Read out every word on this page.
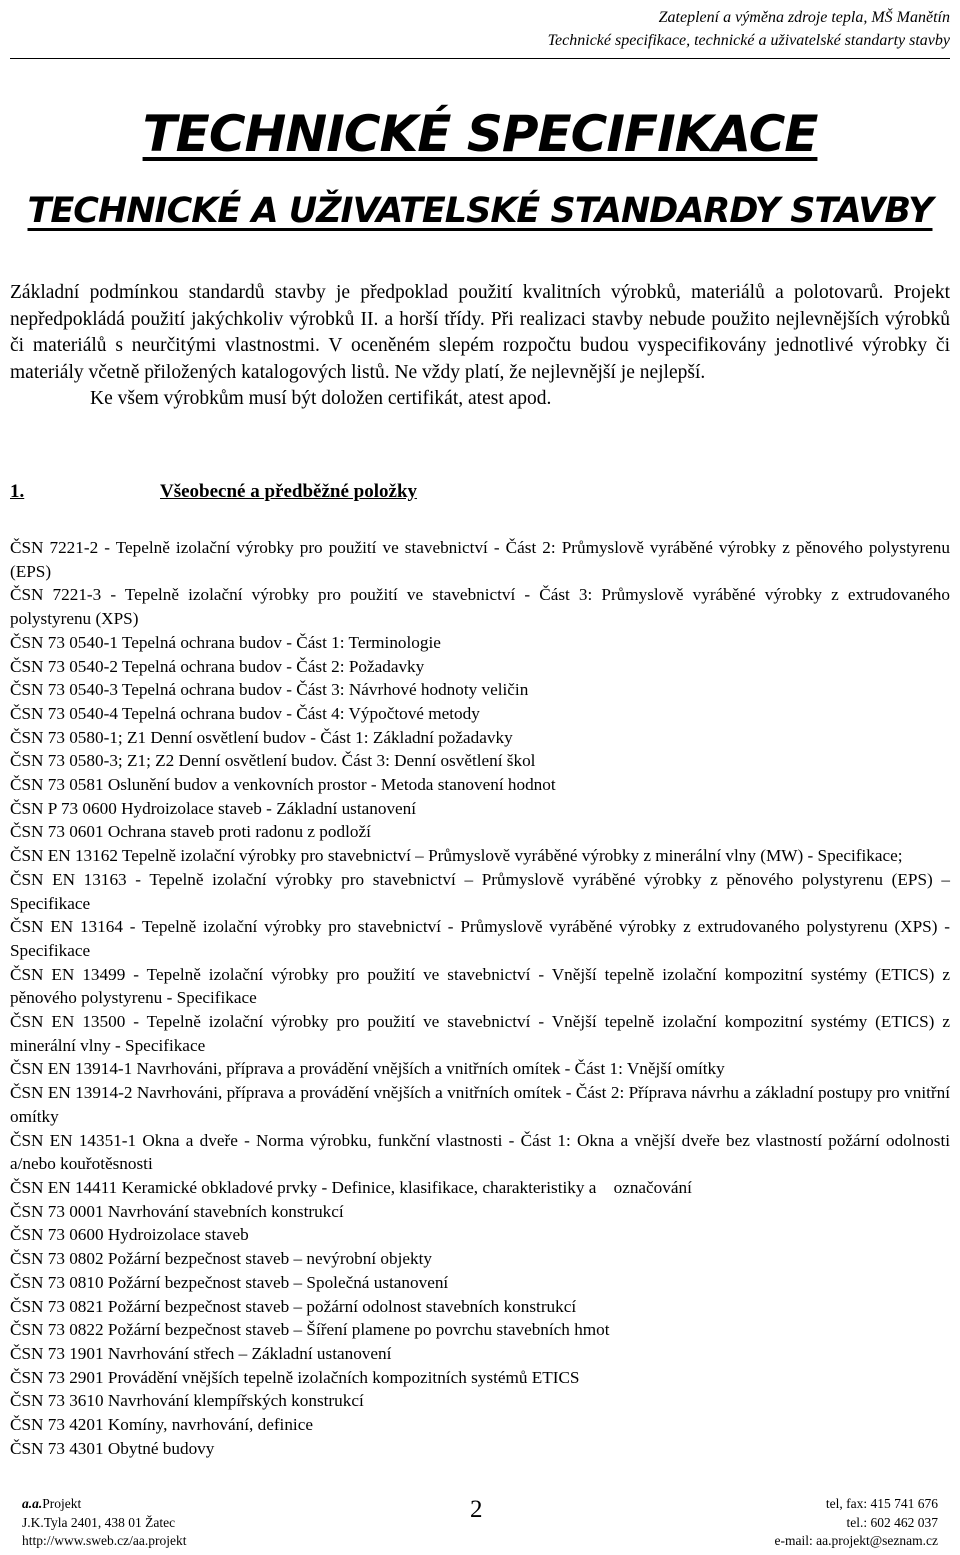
Zateplení a výměna zdroje tepla, MŠ Manětín
Technické specifikace, technické a uživatelské standarty stavby
TECHNICKÉ SPECIFIKACE
TECHNICKÉ A UŽIVATELSKÉ STANDARDY STAVBY

Základní podmínkou standardů stavby je předpoklad použití kvalitních výrobků, materiálů a polotovarů. Projekt nepředpokládá použití jakýchkoliv výrobků II. a horší třídy. Při realizaci stavby nebude použito nejlevnějších výrobků či materiálů s neurčitými vlastnostmi. V oceněném slepém rozpočtu budou vyspecifikovány jednotlivé výrobky či materiály včetně přiložených katalogových listů. Ne vždy platí, že nejlevnější je nejlepší.

Ke všem výrobkům musí být doložen certifikát, atest apod.

1.	Všeobecné a předběžné položky
ČSN 7221-2 - Tepelně izolační výrobky pro použití ve stavebnictví - Část 2: Průmyslově vyráběné výrobky z pěnového polystyrenu (EPS)
ČSN 7221-3 - Tepelně izolační výrobky pro použití ve stavebnictví - Část 3: Průmyslově vyráběné výrobky z extrudovaného polystyrenu (XPS)
ČSN 73 0540-1 Tepelná ochrana budov - Část 1: Terminologie
ČSN 73 0540-2 Tepelná ochrana budov - Část 2: Požadavky
ČSN 73 0540-3 Tepelná ochrana budov - Část 3: Návrhové hodnoty veličin
ČSN 73 0540-4 Tepelná ochrana budov - Část 4: Výpočtové metody
ČSN 73 0580-1; Z1 Denní osvětlení budov - Část 1: Základní požadavky
ČSN 73 0580-3; Z1; Z2 Denní osvětlení budov. Část 3: Denní osvětlení škol
ČSN 73 0581 Oslunění budov a venkovních prostor - Metoda stanovení hodnot
ČSN P 73 0600 Hydroizolace staveb - Základní ustanovení
ČSN 73 0601 Ochrana staveb proti radonu z podloží
ČSN EN 13162 Tepelně izolační výrobky pro stavebnictví – Průmyslově vyráběné výrobky z minerální vlny (MW) - Specifikace;
ČSN EN 13163 - Tepelně izolační výrobky pro stavebnictví – Průmyslově vyráběné výrobky z pěnového polystyrenu (EPS) – Specifikace
ČSN EN 13164 - Tepelně izolační výrobky pro stavebnictví - Průmyslově vyráběné výrobky z extrudovaného polystyrenu (XPS) - Specifikace
ČSN EN 13499 - Tepelně izolační výrobky pro použití ve stavebnictví - Vnější tepelně izolační kompozitní systémy (ETICS) z pěnového polystyrenu - Specifikace
ČSN EN 13500 - Tepelně izolační výrobky pro použití ve stavebnictví - Vnější tepelně izolační kompozitní systémy (ETICS) z minerální vlny - Specifikace
ČSN EN 13914-1 Navrhováni, příprava a provádění vnějších a vnitřních omítek - Část 1: Vnější omítky
ČSN EN 13914-2 Navrhováni, příprava a provádění vnějších a vnitřních omítek - Část 2: Příprava návrhu a základní postupy pro vnitřní omítky
ČSN EN 14351-1 Okna a dveře - Norma výrobku, funkční vlastnosti - Část 1: Okna a vnější dveře bez vlastností požární odolnosti a/nebo kouřotěsnosti
ČSN EN 14411 Keramické obkladové prvky - Definice, klasifikace, charakteristiky a    označování
ČSN 73 0001 Navrhování stavebních konstrukcí
ČSN 73 0600 Hydroizolace staveb
ČSN 73 0802 Požární bezpečnost staveb – nevýrobní objekty
ČSN 73 0810 Požární bezpečnost staveb – Společná ustanovení
ČSN 73 0821 Požární bezpečnost staveb – požární odolnost stavebních konstrukcí
ČSN 73 0822 Požární bezpečnost staveb – Šíření plamene po povrchu stavebních hmot
ČSN 73 1901 Navrhování střech – Základní ustanovení
ČSN 73 2901 Provádění vnějších tepelně izolačních kompozitních systémů ETICS
ČSN 73 3610 Navrhování klempířských konstrukcí
ČSN 73 4201 Komíny, navrhování, definice
ČSN 73 4301 Obytné budovy
a.a.Projekt
J.K.Tyla 2401, 438 01 Žatec
http://www.sweb.cz/aa.projekt
2	tel, fax: 415 741 676
tel.: 602 462 037
e-mail: aa.projekt@seznam.cz
